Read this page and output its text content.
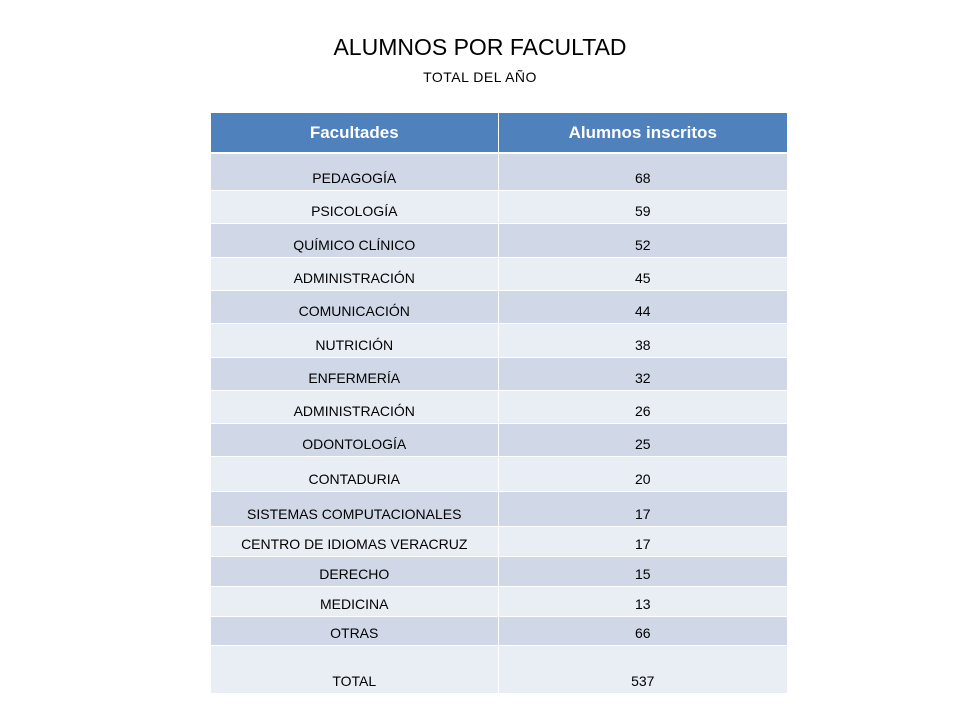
ALUMNOS POR FACULTAD
TOTAL DEL AÑO
Facultades	Alumnos inscritos
PEDAGOGÍA	68
PSICOLOGÍA	59
QUÍMICO CLÍNICO	52
ADMINISTRACIÓN	45
COMUNICACIÓN	44
NUTRICIÓN	38
ENFERMERÍA	32
ADMINISTRACIÓN	26
ODONTOLOGÍA	25
CONTADURIA	20
SISTEMAS COMPUTACIONALES	17
CENTRO DE IDIOMAS VERACRUZ	17
DERECHO	15
MEDICINA	13
OTRAS	66
TOTAL	537
